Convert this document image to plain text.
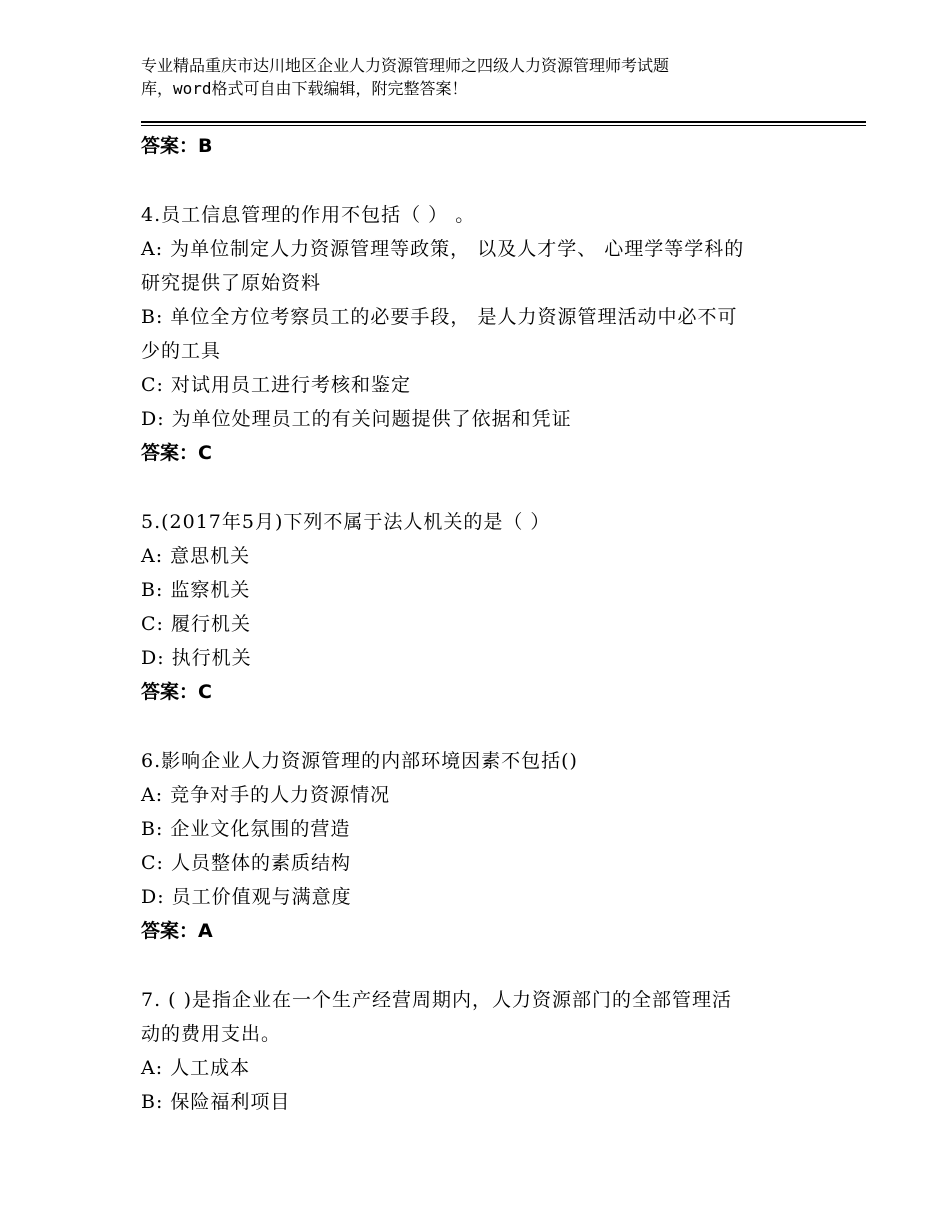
专业精品重庆市达川地区企业人力资源管理师之四级人力资源管理师考试题
库，word格式可自由下载编辑，附完整答案！
答案：B
4.员工信息管理的作用不包括（ ） 。
A: 为单位制定人力资源管理等政策， 以及人才学、 心理学等学科的
研究提供了原始资料
B: 单位全方位考察员工的必要手段， 是人力资源管理活动中必不可
少的工具
C: 对试用员工进行考核和鉴定
D: 为单位处理员工的有关问题提供了依据和凭证
答案：C
5.(2017年5月)下列不属于法人机关的是（ ）
A: 意思机关
B: 监察机关
C: 履行机关
D: 执行机关
答案：C
6.影响企业人力资源管理的内部环境因素不包括()
A: 竞争对手的人力资源情况
B: 企业文化氛围的营造
C: 人员整体的素质结构
D: 员工价值观与满意度
答案：A
7. ( )是指企业在一个生产经营周期内，人力资源部门的全部管理活
动的费用支出。
A: 人工成本
B: 保险福利项目
